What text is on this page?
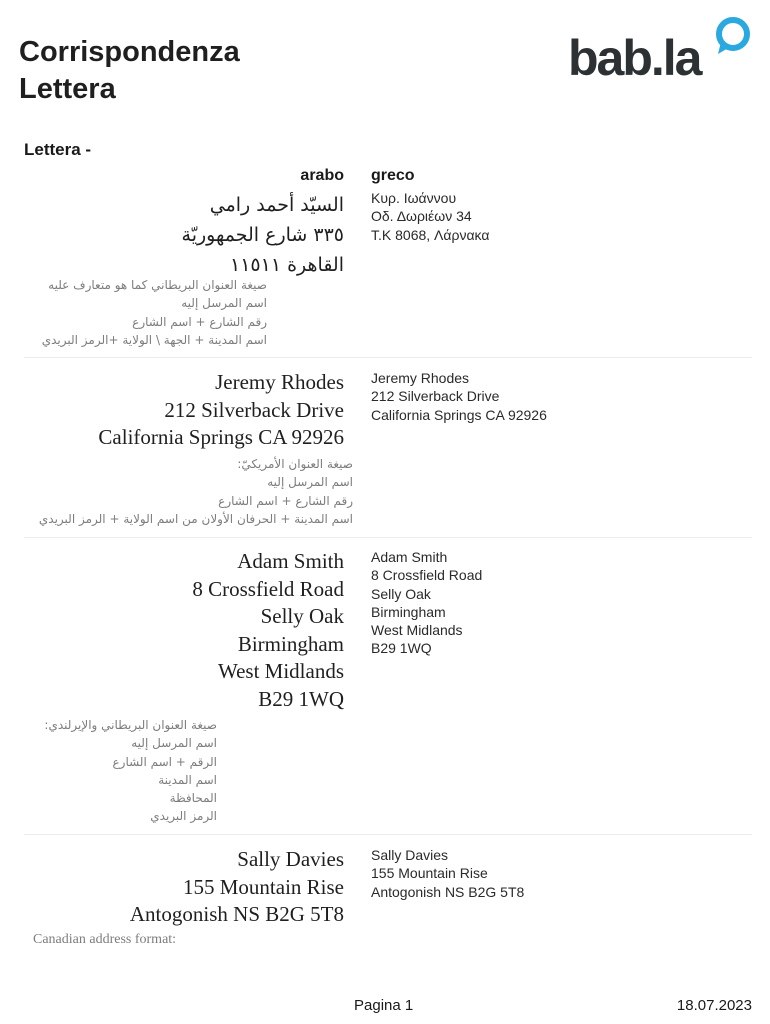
Corrispondenza
Lettera
bab.la
Lettera -
arabo greco
السيّد أحمد رامي
٣٣٥ شارع الجمهوريّة
القاهرة ١١٥١١
Κυρ. Ιωάννου
Οδ. Δωριέων 34
T.K 8068, Λάρνακα
صيغة العنوان البريطاني كما هو متعارف عليه
اسم المرسل إليه
رقم الشارع + اسم الشارع
اسم المدينة + الجهة \ الولاية +الرمز البريدي
Jeremy Rhodes
212 Silverback Drive
California Springs CA 92926
Jeremy Rhodes
212 Silverback Drive
California Springs CA 92926
صيغة العنوان الأمريكيّ:
اسم المرسل إليه
رقم الشارع + اسم الشارع
اسم المدينة + الحرفان الأولان من اسم الولاية + الرمز البريدي
Adam Smith
8 Crossfield Road
Selly Oak
Birmingham
West Midlands
B29 1WQ
Adam Smith
8 Crossfield Road
Selly Oak
Birmingham
West Midlands
B29 1WQ
صيغة العنوان البريطاني والإيرلندي:
اسم المرسل إليه
الرقم + اسم الشارع
اسم المدينة
المحافظة
الرمز البريدي
Sally Davies
155 Mountain Rise
Antogonish NS B2G 5T8
Sally Davies
155 Mountain Rise
Antogonish NS B2G 5T8
Canadian address format:
Pagina 1	18.07.2023
